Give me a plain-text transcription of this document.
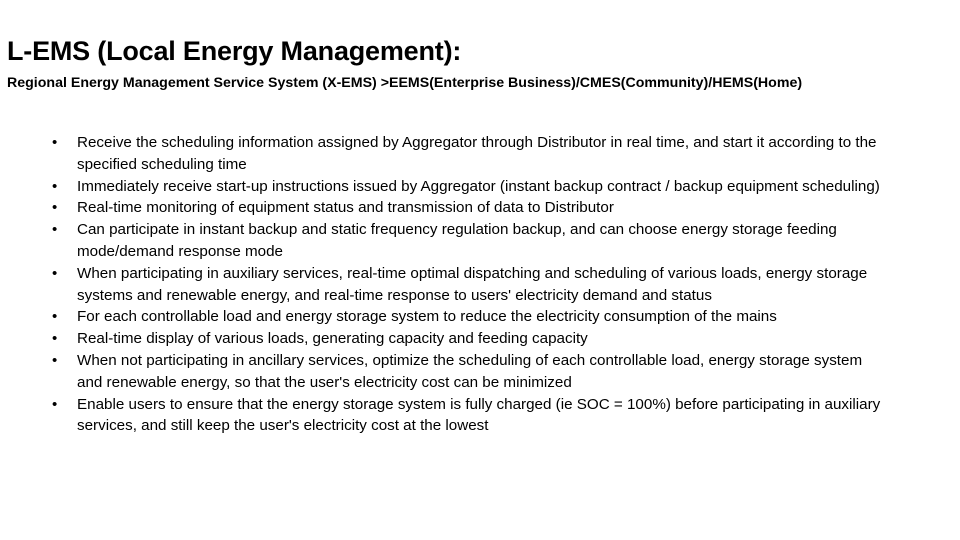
L-EMS (Local Energy Management):

Regional Energy Management Service System (X-EMS) >EEMS(Enterprise Business)/CMES(Community)/HEMS(Home)

• Receive the scheduling information assigned by Aggregator through Distributor in real time, and start it according to the specified scheduling time
• Immediately receive start-up instructions issued by Aggregator (instant backup contract / backup equipment scheduling)
• Real-time monitoring of equipment status and transmission of data to Distributor
• Can participate in instant backup and static frequency regulation backup, and can choose energy storage feeding mode/demand response mode
• When participating in auxiliary services, real-time optimal dispatching and scheduling of various loads, energy storage systems and renewable energy, and real-time response to users' electricity demand and status
• For each controllable load and energy storage system to reduce the electricity consumption of the mains
• Real-time display of various loads, generating capacity and feeding capacity
• When not participating in ancillary services, optimize the scheduling of each controllable load, energy storage system and renewable energy, so that the user's electricity cost can be minimized
• Enable users to ensure that the energy storage system is fully charged (ie SOC = 100%) before participating in auxiliary services, and still keep the user's electricity cost at the lowest
